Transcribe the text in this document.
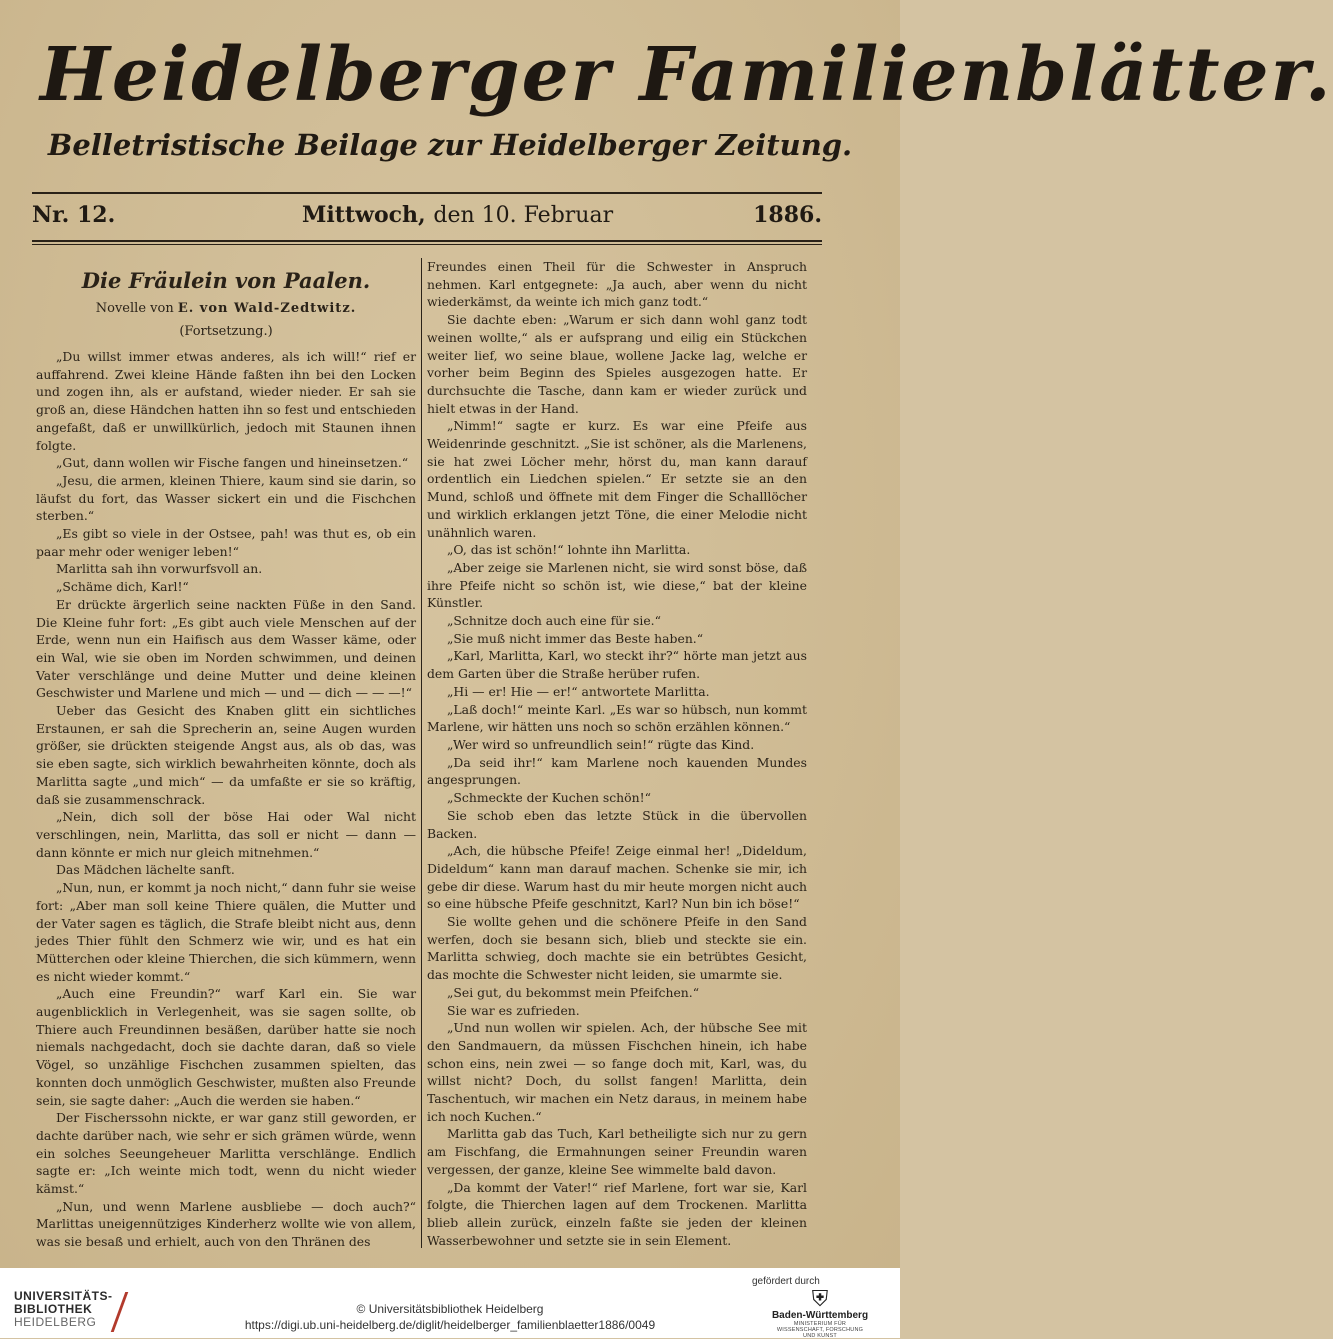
Heidelberger Familienblätter.
Belletristische Beilage zur Heidelberger Zeitung.
Nr. 12.	Mittwoch, den 10. Februar	1886.
Die Fräulein von Paalen.
Novelle von E. von Wald-Zedtwitz.
(Fortsetzung.)

„Du willst immer etwas anderes, als ich will!“ rief er auffahrend. Zwei kleine Hände faßten ihn bei den Locken und zogen ihn, als er aufstand, wieder nieder. Er sah sie groß an, diese Händchen hatten ihn so fest und entschieden angefaßt, daß er unwillkürlich, jedoch mit Staunen ihnen folgte.

„Gut, dann wollen wir Fische fangen und hineinsetzen.“

„Jesu, die armen, kleinen Thiere, kaum sind sie darin, so läufst du fort, das Wasser sickert ein und die Fischchen sterben.“

„Es gibt so viele in der Ostsee, pah! was thut es, ob ein paar mehr oder weniger leben!“

Marlitta sah ihn vorwurfsvoll an.

„Schäme dich, Karl!“

Er drückte ärgerlich seine nackten Füße in den Sand. Die Kleine fuhr fort: „Es gibt auch viele Menschen auf der Erde, wenn nun ein Haifisch aus dem Wasser käme, oder ein Wal, wie sie oben im Norden schwimmen, und deinen Vater verschlänge und deine Mutter und deine kleinen Geschwister und Marlene und mich — und — dich — — —!“

Ueber das Gesicht des Knaben glitt ein sichtliches Erstaunen, er sah die Sprecherin an, seine Augen wurden größer, sie drückten steigende Angst aus, als ob das, was sie eben sagte, sich wirklich bewahrheiten könnte, doch als Marlitta sagte „und mich“ — da umfaßte er sie so kräftig, daß sie zusammenschrack.

„Nein, dich soll der böse Hai oder Wal nicht verschlingen, nein, Marlitta, das soll er nicht — dann — dann könnte er mich nur gleich mitnehmen.“

Das Mädchen lächelte sanft.

„Nun, nun, er kommt ja noch nicht,“ dann fuhr sie weise fort: „Aber man soll keine Thiere quälen, die Mutter und der Vater sagen es täglich, die Strafe bleibt nicht aus, denn jedes Thier fühlt den Schmerz wie wir, und es hat ein Mütterchen oder kleine Thierchen, die sich kümmern, wenn es nicht wieder kommt.“

„Auch eine Freundin?“ warf Karl ein. Sie war augenblicklich in Verlegenheit, was sie sagen sollte, ob Thiere auch Freundinnen besäßen, darüber hatte sie noch niemals nachgedacht, doch sie dachte daran, daß so viele Vögel, so unzählige Fischchen zusammen spielten, das konnten doch unmöglich Geschwister, mußten also Freunde sein, sie sagte daher: „Auch die werden sie haben.“

Der Fischerssohn nickte, er war ganz still geworden, er dachte darüber nach, wie sehr er sich grämen würde, wenn ein solches Seeungeheuer Marlitta verschlänge. Endlich sagte er: „Ich weinte mich todt, wenn du nicht wieder kämst.“

„Nun, und wenn Marlene ausbliebe — doch auch?“ Marlittas uneigennütziges Kinderherz wollte wie von allem, was sie besaß und erhielt, auch von den Thränen des

Freundes einen Theil für die Schwester in Anspruch nehmen. Karl entgegnete: „Ja auch, aber wenn du nicht wiederkämst, da weinte ich mich ganz todt.“

Sie dachte eben: „Warum er sich dann wohl ganz todt weinen wollte,“ als er aufsprang und eilig ein Stückchen weiter lief, wo seine blaue, wollene Jacke lag, welche er vorher beim Beginn des Spieles ausgezogen hatte. Er durchsuchte die Tasche, dann kam er wieder zurück und hielt etwas in der Hand.

„Nimm!“ sagte er kurz. Es war eine Pfeife aus Weidenrinde geschnitzt. „Sie ist schöner, als die Marlenens, sie hat zwei Löcher mehr, hörst du, man kann darauf ordentlich ein Liedchen spielen.“ Er setzte sie an den Mund, schloß und öffnete mit dem Finger die Schalllöcher und wirklich erklangen jetzt Töne, die einer Melodie nicht unähnlich waren.

„O, das ist schön!“ lohnte ihn Marlitta.

„Aber zeige sie Marlenen nicht, sie wird sonst böse, daß ihre Pfeife nicht so schön ist, wie diese,“ bat der kleine Künstler.

„Schnitze doch auch eine für sie.“

„Sie muß nicht immer das Beste haben.“

„Karl, Marlitta, Karl, wo steckt ihr?“ hörte man jetzt aus dem Garten über die Straße herüber rufen.

„Hi — er! Hie — er!“ antwortete Marlitta.

„Laß doch!“ meinte Karl. „Es war so hübsch, nun kommt Marlene, wir hätten uns noch so schön erzählen können.“

„Wer wird so unfreundlich sein!“ rügte das Kind.

„Da seid ihr!“ kam Marlene noch kauenden Mundes angesprungen.

„Schmeckte der Kuchen schön!“

Sie schob eben das letzte Stück in die übervollen Backen.

„Ach, die hübsche Pfeife! Zeige einmal her! „Dideldum, Dideldum“ kann man darauf machen. Schenke sie mir, ich gebe dir diese. Warum hast du mir heute morgen nicht auch so eine hübsche Pfeife geschnitzt, Karl? Nun bin ich böse!“

Sie wollte gehen und die schönere Pfeife in den Sand werfen, doch sie besann sich, blieb und steckte sie ein. Marlitta schwieg, doch machte sie ein betrübtes Gesicht, das mochte die Schwester nicht leiden, sie umarmte sie.

„Sei gut, du bekommst mein Pfeifchen.“

Sie war es zufrieden.

„Und nun wollen wir spielen. Ach, der hübsche See mit den Sandmauern, da müssen Fischchen hinein, ich habe schon eins, nein zwei — so fange doch mit, Karl, was, du willst nicht? Doch, du sollst fangen! Marlitta, dein Taschentuch, wir machen ein Netz daraus, in meinem habe ich noch Kuchen.“

Marlitta gab das Tuch, Karl betheiligte sich nur zu gern am Fischfang, die Ermahnungen seiner Freundin waren vergessen, der ganze, kleine See wimmelte bald davon.

„Da kommt der Vater!“ rief Marlene, fort war sie, Karl folgte, die Thierchen lagen auf dem Trockenen. Marlitta blieb allein zurück, einzeln faßte sie jeden der kleinen Wasserbewohner und setzte sie in sein Element.

UNIVERSITÄTS-
BIBLIOTHEK
HEIDELBERG
© Universitätsbibliothek Heidelberg
https://digi.ub.uni-heidelberg.de/diglit/heidelberger_familienblaetter1886/0049
gefördert durch
⛨
Baden-Württemberg
MINISTERIUM FÜR WISSENSCHAFT, FORSCHUNG UND KUNST
